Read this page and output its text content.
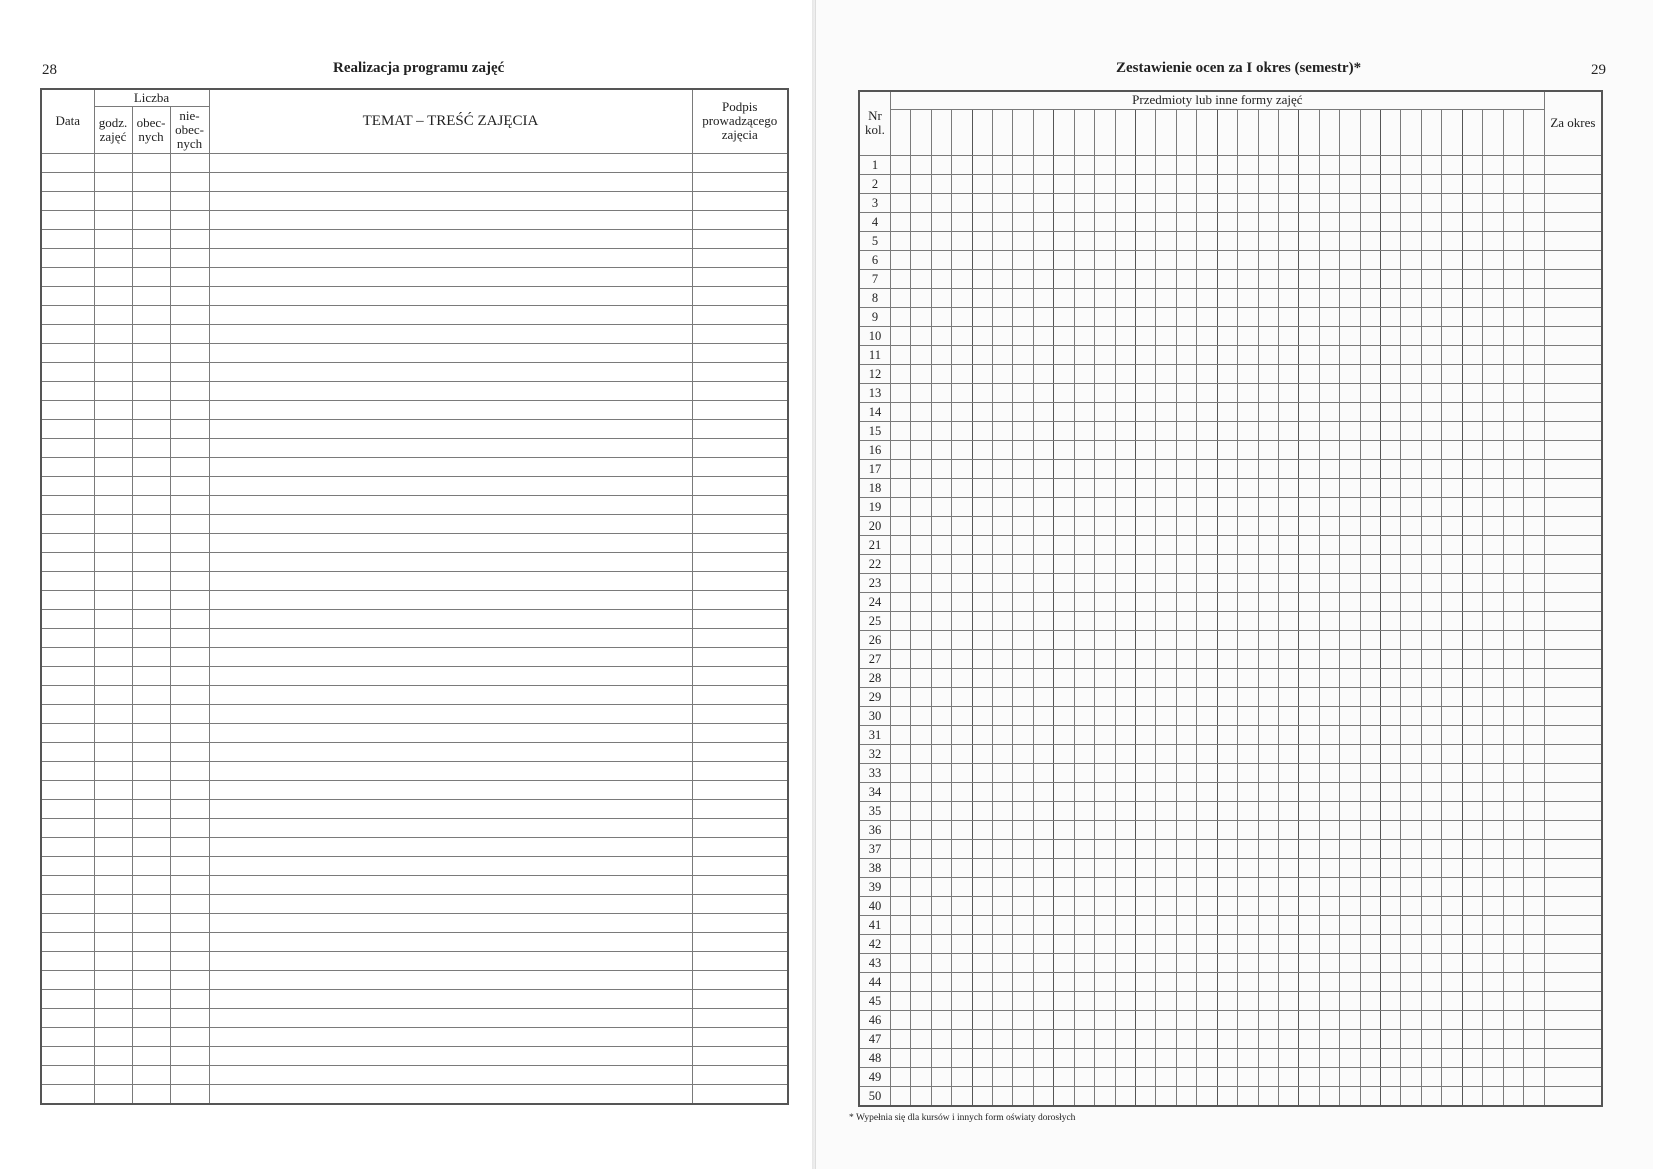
28	Realizacja programu zajęć
Data	Liczba			TEMAT – TREŚĆ ZAJĘCIA	Podpis prowadzącego zajęcia
	godz. zajęć	obec- nych	nie- obec- nych		

Zestawienie ocen za I okres (semestr)*	29
* Wypełnia się dla kursów i innych form oświaty dorosłych
Nr kol.	Przedmioty lub inne formy zajęć																																Za okres

1																																	
2																																	
3																																	
4																																	
5																																	
6																																	
7																																	
8																																	
9																																	
10																																	
11																																	
12																																	
13																																	
14																																	
15																																	
16																																	
17																																	
18																																	
19																																	
20																																	
21																																	
22																																	
23																																	
24																																	
25																																	
26																																	
27																																	
28																																	
29																																	
30																																	
31																																	
32																																	
33																																	
34																																	
35																																	
36																																	
37																																	
38																																	
39																																	
40																																	
41																																	
42																																	
43																																	
44																																	
45																																	
46																																	
47																																	
48																																	
49																																	
50																																	
